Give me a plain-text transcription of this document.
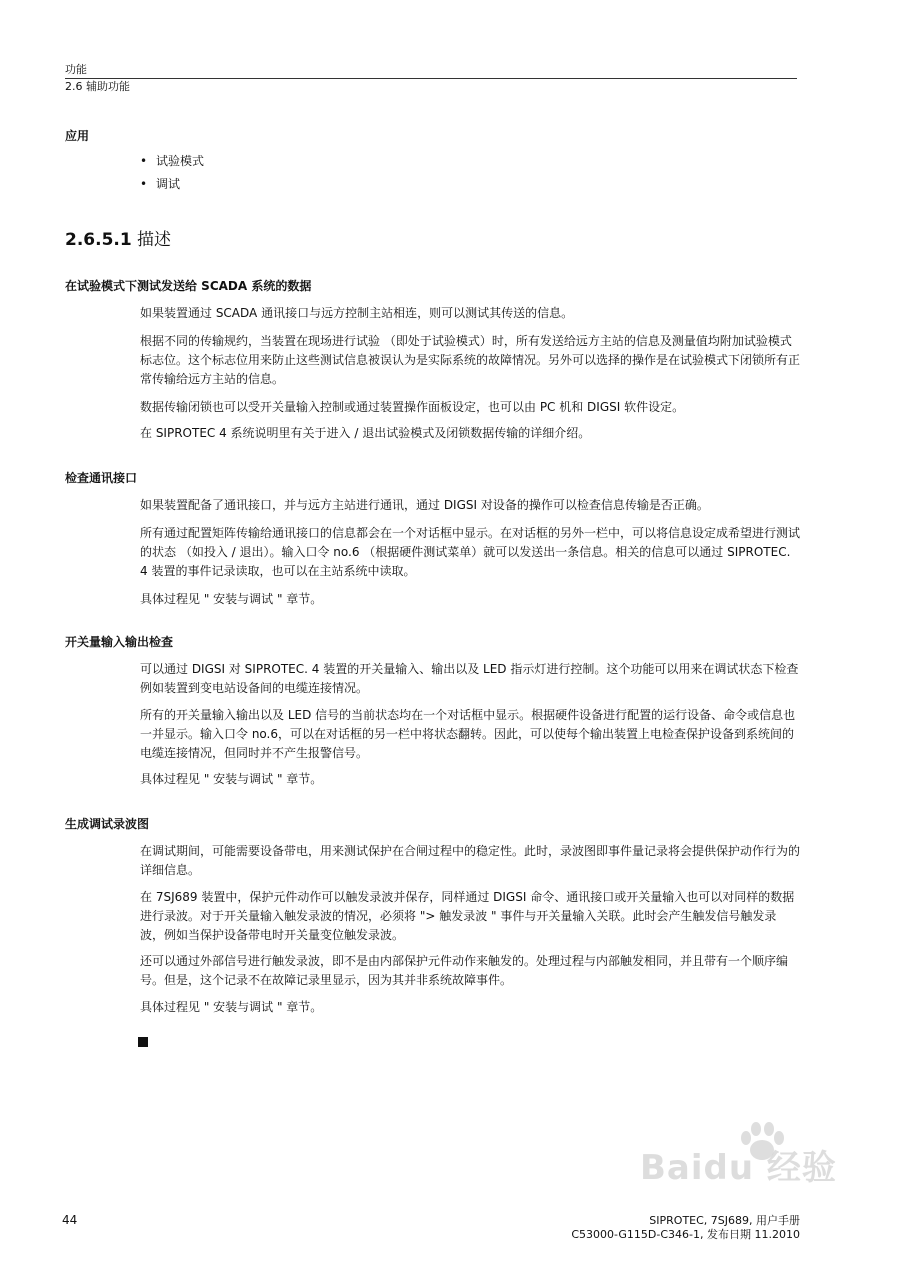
功能
2.6 辅助功能
应用
• 试验模式
• 调试
2.6.5.1 描述
在试验模式下测试发送给 SCADA 系统的数据
如果装置通过 SCADA 通讯接口与远方控制主站相连，则可以测试其传送的信息。
根据不同的传输规约，当装置在现场进行试验 （即处于试验模式）时，所有发送给远方主站的信息及测量值均附加试验模式标志位。这个标志位用来防止这些测试信息被误认为是实际系统的故障情况。另外可以选择的操作是在试验模式下闭锁所有正常传输给远方主站的信息。
数据传输闭锁也可以受开关量输入控制或通过装置操作面板设定，也可以由 PC 机和 DIGSI 软件设定。
在 SIPROTEC 4 系统说明里有关于进入 / 退出试验模式及闭锁数据传输的详细介绍。
检查通讯接口
如果装置配备了通讯接口，并与远方主站进行通讯，通过 DIGSI 对设备的操作可以检查信息传输是否正确。
所有通过配置矩阵传输给通讯接口的信息都会在一个对话框中显示。在对话框的另外一栏中，可以将信息设定成希望进行测试的状态 （如投入 / 退出）。输入口令 no.6 （根据硬件测试菜单）就可以发送出一条信息。相关的信息可以通过 SIPROTEC. 4 装置的事件记录读取，也可以在主站系统中读取。
具体过程见 " 安装与调试 " 章节。
开关量输入输出检查
可以通过 DIGSI 对 SIPROTEC. 4 装置的开关量输入、输出以及 LED 指示灯进行控制。这个功能可以用来在调试状态下检查例如装置到变电站设备间的电缆连接情况。
所有的开关量输入输出以及 LED 信号的当前状态均在一个对话框中显示。根据硬件设备进行配置的运行设备、命令或信息也一并显示。输入口令 no.6，可以在对话框的另一栏中将状态翻转。因此，可以使每个输出装置上电检查保护设备到系统间的电缆连接情况，但同时并不产生报警信号。
具体过程见 " 安装与调试 " 章节。
生成调试录波图
在调试期间，可能需要设备带电，用来测试保护在合闸过程中的稳定性。此时，录波图即事件量记录将会提供保护动作行为的详细信息。
在 7SJ689 装置中，保护元件动作可以触发录波并保存，同样通过 DIGSI 命令、通讯接口或开关量输入也可以对同样的数据进行录波。对于开关量输入触发录波的情况，必须将 "> 触发录波 " 事件与开关量输入关联。此时会产生触发信号触发录波，例如当保护设备带电时开关量变位触发录波。
还可以通过外部信号进行触发录波，即不是由内部保护元件动作来触发的。处理过程与内部触发相同，并且带有一个顺序编号。但是，这个记录不在故障记录里显示，因为其并非系统故障事件。
具体过程见 " 安装与调试 " 章节。
Baidu 经验
44	SIPROTEC, 7SJ689, 用户手册
C53000-G115D-C346-1, 发布日期 11.2010
